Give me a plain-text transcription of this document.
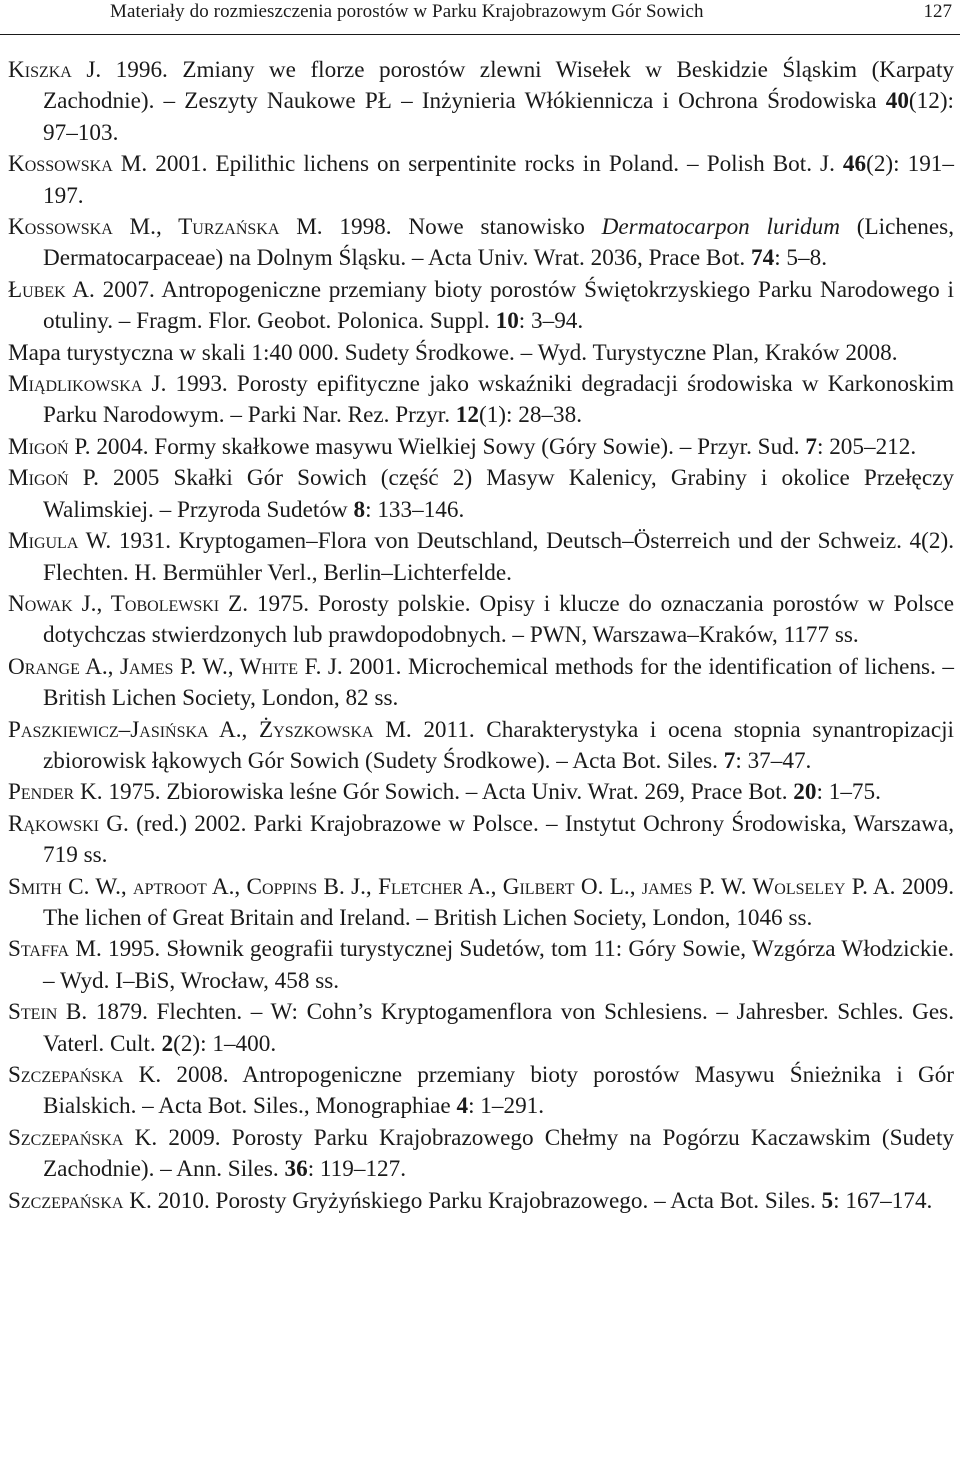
Materiały do rozmieszczenia porostów w Parku Krajobrazowym Gór Sowich	127

Kiszka J. 1996. Zmiany we florze porostów zlewni Wisełek w Beskidzie Śląskim (Karpaty Zachodnie). – Zeszyty Naukowe PŁ – Inżynieria Włókiennicza i Ochrona Środowiska 40(12): 97–103.

Kossowska M. 2001. Epilithic lichens on serpentinite rocks in Poland. – Polish Bot. J. 46(2): 191–197.

Kossowska M., Turzańska M. 1998. Nowe stanowisko Dermatocarpon luridum (Lichenes, Dermatocarpaceae) na Dolnym Śląsku. – Acta Univ. Wrat. 2036, Prace Bot. 74: 5–8.

Łubek A. 2007. Antropogeniczne przemiany bioty porostów Świętokrzyskiego Parku Narodowego i otuliny. – Fragm. Flor. Geobot. Polonica. Suppl. 10: 3–94.

Mapa turystyczna w skali 1:40 000. Sudety Środkowe. – Wyd. Turystyczne Plan, Kraków 2008.

Miądlikowska J. 1993. Porosty epifityczne jako wskaźniki degradacji środowiska w Karkonoskim Parku Narodowym. – Parki Nar. Rez. Przyr. 12(1): 28–38.

Migoń P. 2004. Formy skałkowe masywu Wielkiej Sowy (Góry Sowie). – Przyr. Sud. 7: 205–212.

Migoń P. 2005 Skałki Gór Sowich (część 2) Masyw Kalenicy, Grabiny i okolice Przełęczy Walimskiej. – Przyroda Sudetów 8: 133–146.

Migula W. 1931. Kryptogamen–Flora von Deutschland, Deutsch–Österreich und der Schweiz. 4(2). Flechten. H. Bermühler Verl., Berlin–Lichterfelde.

Nowak J., Tobolewski Z. 1975. Porosty polskie. Opisy i klucze do oznaczania porostów w Polsce dotychczas stwierdzonych lub prawdopodobnych. – PWN, Warszawa–Kraków, 1177 ss.

Orange A., James P. W., White F. J. 2001. Microchemical methods for the identification of lichens. – British Lichen Society, London, 82 ss.

Paszkiewicz–Jasińska A., Żyszkowska M. 2011. Charakterystyka i ocena stopnia synantropizacji zbiorowisk łąkowych Gór Sowich (Sudety Środkowe). – Acta Bot. Siles. 7: 37–47.

Pender K. 1975. Zbiorowiska leśne Gór Sowich. – Acta Univ. Wrat. 269, Prace Bot. 20: 1–75.

Rąkowski G. (red.) 2002. Parki Krajobrazowe w Polsce. – Instytut Ochrony Środowiska, Warszawa, 719 ss.

Smith C. W., aptroot A., Coppins B. J., Fletcher A., Gilbert O. L., james P. W. Wolseley P. A. 2009. The lichen of Great Britain and Ireland. – British Lichen Society, London, 1046 ss.

Staffa M. 1995. Słownik geografii turystycznej Sudetów, tom 11: Góry Sowie, Wzgórza Włodzickie. – Wyd. I–BiS, Wrocław, 458 ss.

Stein B. 1879. Flechten. – W: Cohn’s Kryptogamenflora von Schlesiens. – Jahresber. Schles. Ges. Vaterl. Cult. 2(2): 1–400.

Szczepańska K. 2008. Antropogeniczne przemiany bioty porostów Masywu Śnieżnika i Gór Bialskich. – Acta Bot. Siles., Monographiae 4: 1–291.

Szczepańska K. 2009. Porosty Parku Krajobrazowego Chełmy na Pogórzu Kaczawskim (Sudety Zachodnie). – Ann. Siles. 36: 119–127.

Szczepańska K. 2010. Porosty Gryżyńskiego Parku Krajobrazowego. – Acta Bot. Siles. 5: 167–174.
